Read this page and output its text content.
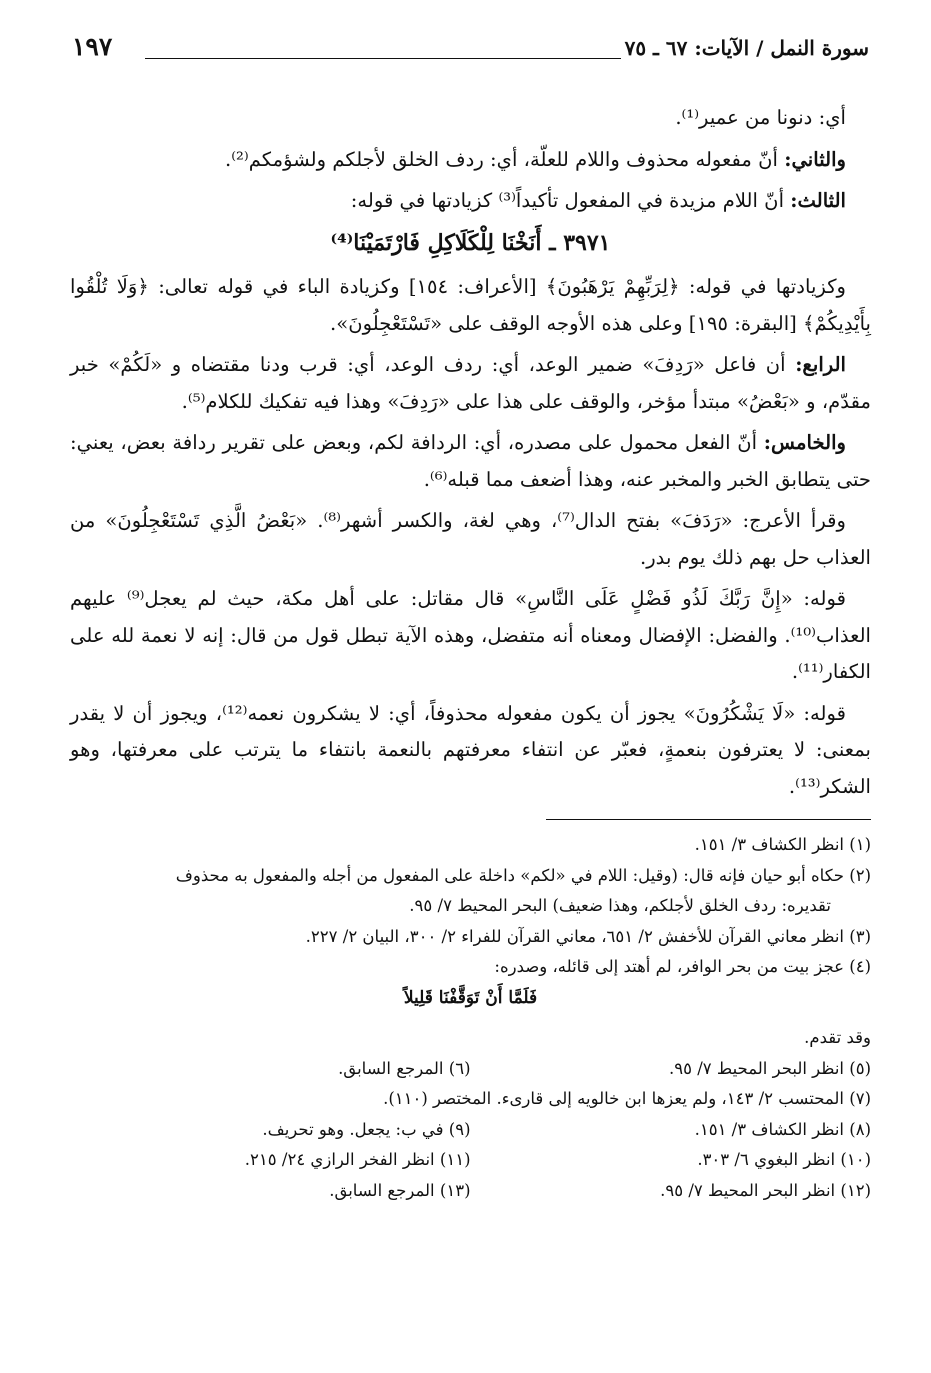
سورة النمل / الآيات: ٦٧ ـ ٧٥
١٩٧

أي: دنونا من عمير⁽¹⁾.

والثاني: أنّ مفعوله محذوف واللام للعلّة، أي: ردف الخلق لأجلكم ولشؤمكم⁽²⁾.

الثالث: أنّ اللام مزيدة في المفعول تأكيداً⁽³⁾ كزيادتها في قوله:

٣٩٧١ ـ أَنَخْنَا لِلْكَلَاكِلِ فَارْتَمَيْنَا⁽⁴⁾

وكزيادتها في قوله: ﴿لِرَبِّهِمْ يَرْهَبُونَ﴾ [الأعراف: ١٥٤] وكزيادة الباء في قوله تعالى: ﴿وَلَا تُلْقُوا بِأَيْدِيكُمْ﴾ [البقرة: ١٩٥] وعلى هذه الأوجه الوقف على «تَسْتَعْجِلُونَ».

الرابع: أن فاعل «رَدِفَ» ضمير الوعد، أي: ردف الوعد، أي: قرب ودنا مقتضاه و «لَكُمْ» خبر مقدّم، و «بَعْضُ» مبتدأ مؤخر، والوقف على هذا على «رَدِفَ» وهذا فيه تفكيك للكلام⁽⁵⁾.

والخامس: أنّ الفعل محمول على مصدره، أي: الردافة لكم، وبعض على تقرير ردافة بعض، يعني: حتى يتطابق الخبر والمخبر عنه، وهذا أضعف مما قبله⁽⁶⁾.

وقرأ الأعرج: «رَدَفَ» بفتح الدال⁽⁷⁾، وهي لغة، والكسر أشهر⁽⁸⁾. «بَعْضُ الَّذِي تَسْتَعْجِلُونَ» من العذاب حل بهم ذلك يوم بدر.

قوله: «إِنَّ رَبَّكَ لَذُو فَضْلٍ عَلَى النَّاسِ» قال مقاتل: على أهل مكة، حيث لم يعجل⁽⁹⁾ عليهم العذاب⁽¹⁰⁾. والفضل: الإفضال ومعناه أنه متفضل، وهذه الآية تبطل قول من قال: إنه لا نعمة لله على الكفار⁽¹¹⁾.

قوله: «لَا يَشْكُرُونَ» يجوز أن يكون مفعوله محذوفاً، أي: لا يشكرون نعمه⁽¹²⁾، ويجوز أن لا يقدر بمعنى: لا يعترفون بنعمةٍ، فعبّر عن انتفاء معرفتهم بالنعمة بانتفاء ما يترتب على معرفتها، وهو الشكر⁽¹³⁾.

(١) انظر الكشاف ٣/ ١٥١.

(٢) حكاه أبو حيان فإنه قال: (وقيل: اللام في «لكم» داخلة على المفعول من أجله والمفعول به محذوف

تقديره: ردف الخلق لأجلكم، وهذا ضعيف) البحر المحيط ٧/ ٩٥.

(٣) انظر معاني القرآن للأخفش ٢/ ٦٥١، معاني القرآن للفراء ٢/ ٣٠٠، البيان ٢/ ٢٢٧.

(٤) عجز بيت من بحر الوافر، لم أهتد إلى قائله، وصدره:

فَلَمَّا أَنْ تَوَقَّفْنَا قَلِيلاً

وقد تقدم.

(٥) انظر البحر المحيط ٧/ ٩٥.
(٦) المرجع السابق.

(٧) المحتسب ٢/ ١٤٣، ولم يعزها ابن خالويه إلى قارىء. المختصر (١١٠).

(٨) انظر الكشاف ٣/ ١٥١.
(٩) في ب: يجعل. وهو تحريف.
(١٠) انظر البغوي ٦/ ٣٠٣.
(١١) انظر الفخر الرازي ٢٤/ ٢١٥.
(١٢) انظر البحر المحيط ٧/ ٩٥.
(١٣) المرجع السابق.
